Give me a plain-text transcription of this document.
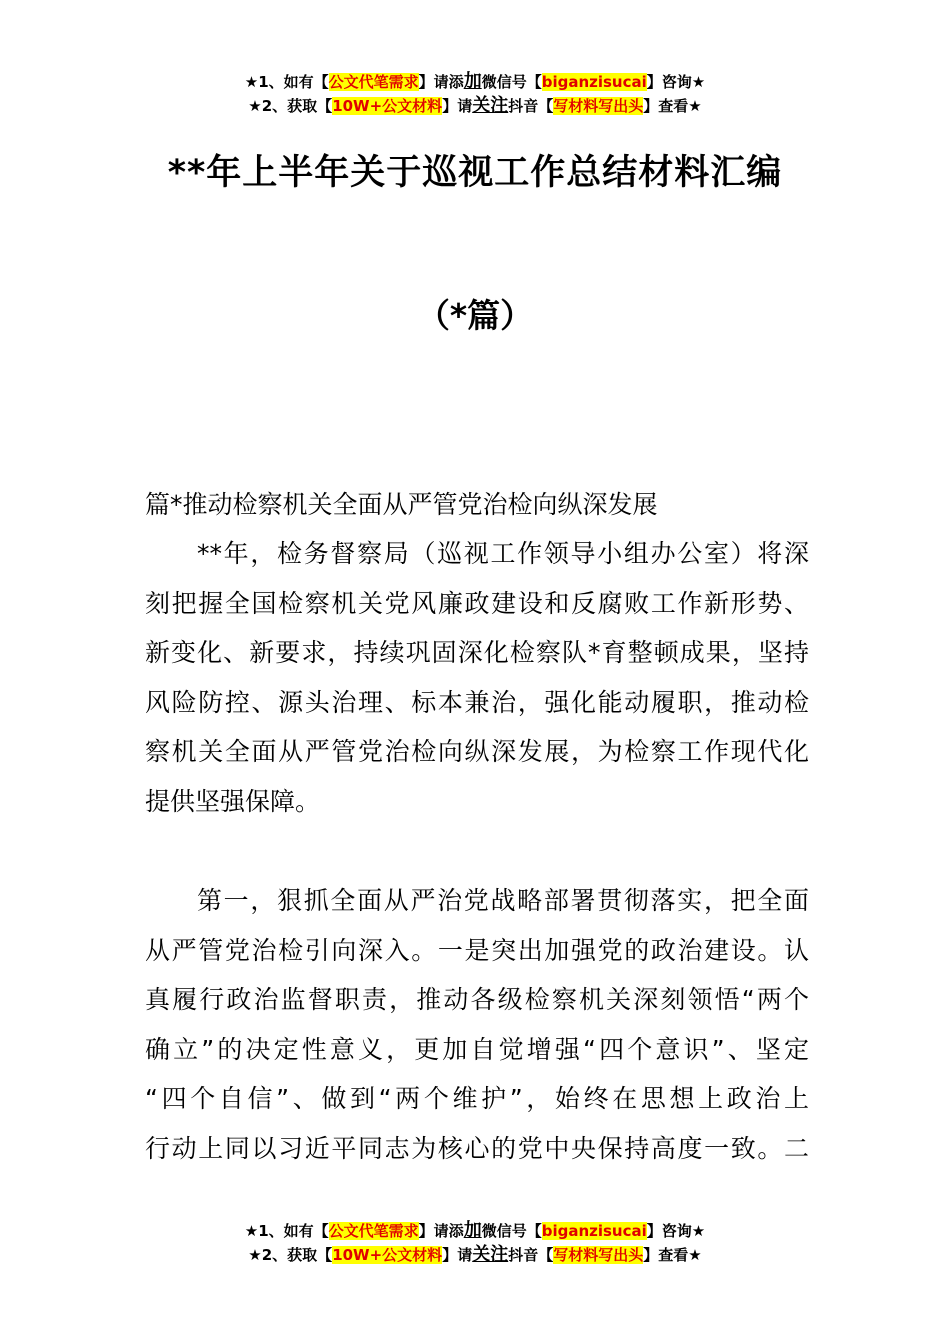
★1、如有【公文代笔需求】请添加微信号【biganzisucai】咨询★
★2、获取【10W+公文材料】请关注抖音【写材料写出头】查看★
**年上半年关于巡视工作总结材料汇编
（*篇）
篇*推动检察机关全面从严管党治检向纵深发展
**年，检务督察局（巡视工作领导小组办公室）将深
刻把握全国检察机关党风廉政建设和反腐败工作新形势、
新变化、新要求，持续巩固深化检察队*育整顿成果，坚持
风险防控、源头治理、标本兼治，强化能动履职，推动检
察机关全面从严管党治检向纵深发展，为检察工作现代化
提供坚强保障。
第一，狠抓全面从严治党战略部署贯彻落实，把全面
从严管党治检引向深入。一是突出加强党的政治建设。认
真履行政治监督职责，推动各级检察机关深刻领悟“两个
确立”的决定性意义，更加自觉增强“四个意识”、坚定
“四个自信”、做到“两个维护”，始终在思想上政治上
行动上同以习近平同志为核心的党中央保持高度一致。二
★1、如有【公文代笔需求】请添加微信号【biganzisucai】咨询★
★2、获取【10W+公文材料】请关注抖音【写材料写出头】查看★
